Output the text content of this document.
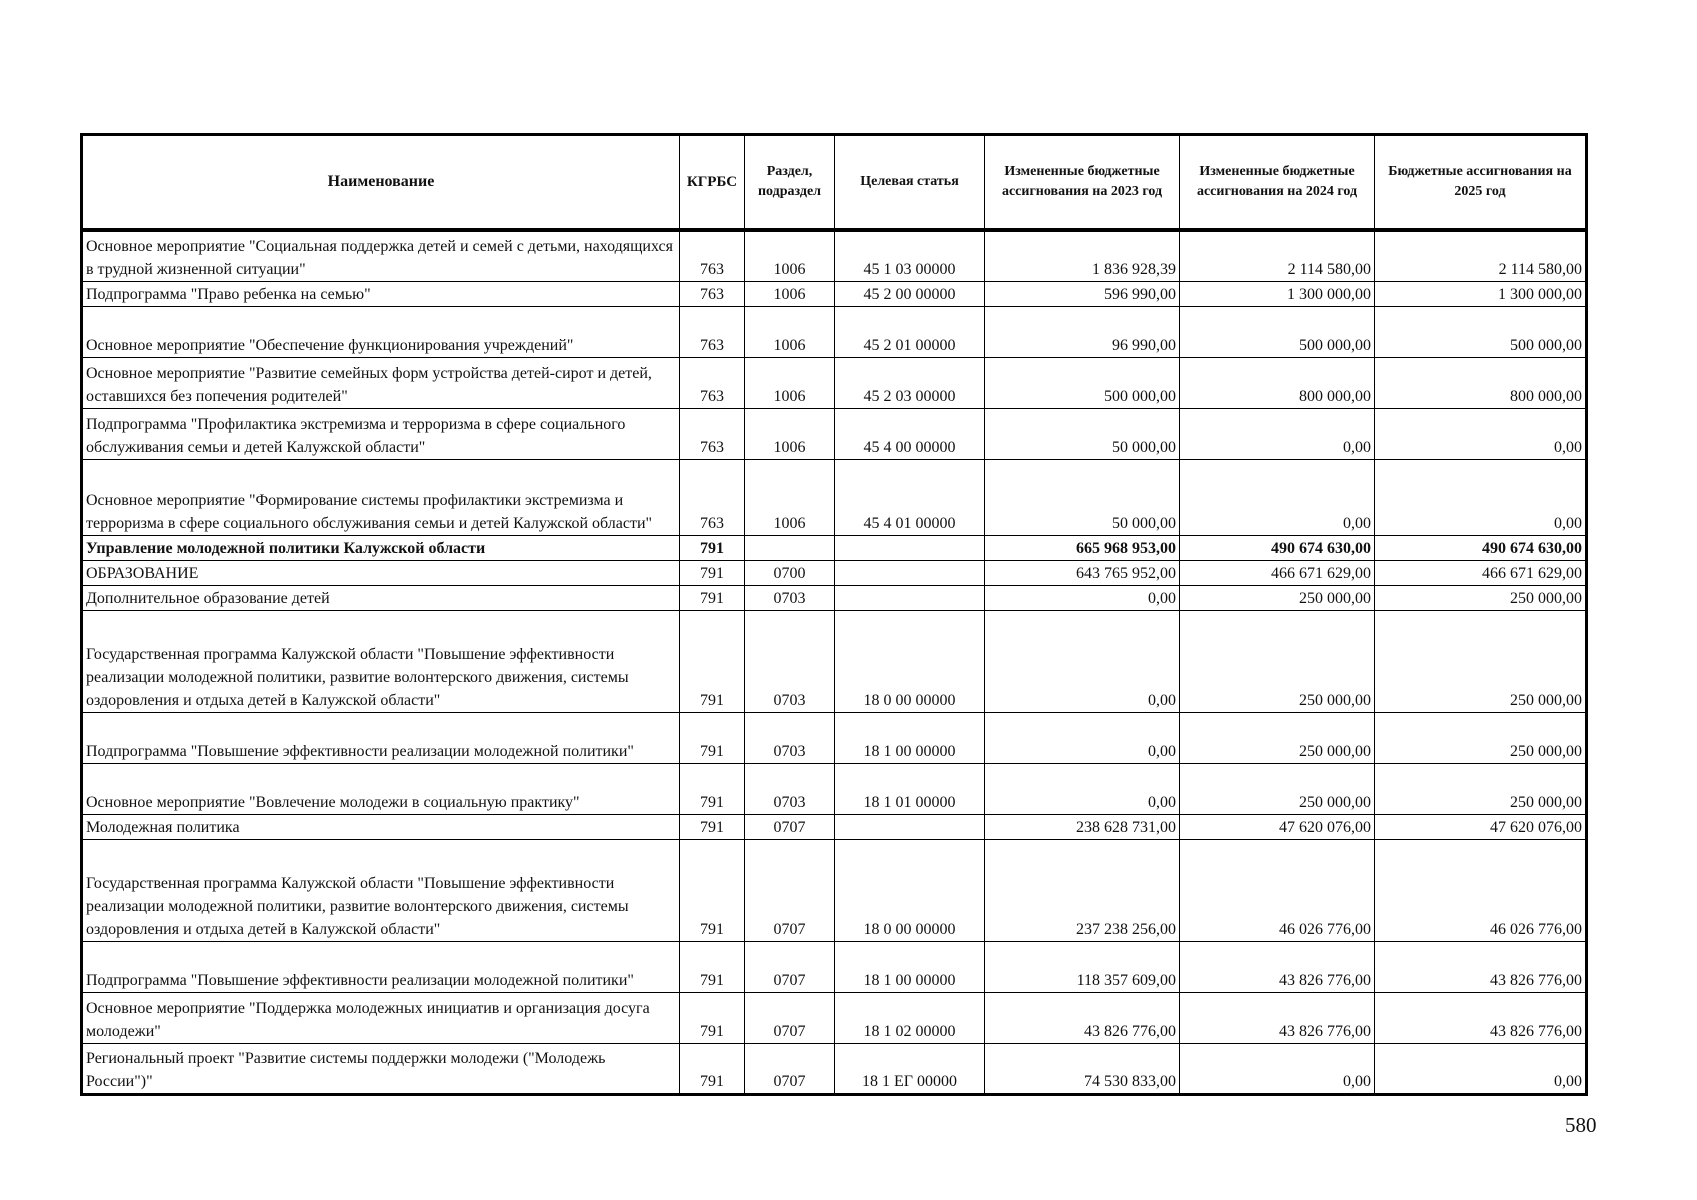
Наименование	КГРБС	Раздел, подраздел	Целевая статья	Измененные бюджетные ассигнования на 2023 год	Измененные бюджетные ассигнования на 2024 год	Бюджетные ассигнования на 2025 год
Основное мероприятие "Социальная поддержка детей и семей с детьми, находящихся в трудной жизненной ситуации"	763	1006	45 1 03 00000	1 836 928,39	2 114 580,00	2 114 580,00
Подпрограмма "Право ребенка на семью"	763	1006	45 2 00 00000	596 990,00	1 300 000,00	1 300 000,00
Основное мероприятие "Обеспечение функционирования учреждений"	763	1006	45 2 01 00000	96 990,00	500 000,00	500 000,00
Основное мероприятие "Развитие семейных форм устройства детей-сирот и детей, оставшихся без попечения родителей"	763	1006	45 2 03 00000	500 000,00	800 000,00	800 000,00
Подпрограмма "Профилактика экстремизма и терроризма в сфере социального обслуживания семьи и детей Калужской области"	763	1006	45 4 00 00000	50 000,00	0,00	0,00
Основное мероприятие "Формирование системы профилактики экстремизма и терроризма в сфере социального обслуживания семьи и детей Калужской области"	763	1006	45 4 01 00000	50 000,00	0,00	0,00
Управление молодежной политики Калужской области	791			665 968 953,00	490 674 630,00	490 674 630,00
ОБРАЗОВАНИЕ	791	0700		643 765 952,00	466 671 629,00	466 671 629,00
Дополнительное образование детей	791	0703		0,00	250 000,00	250 000,00
Государственная программа Калужской области "Повышение эффективности реализации молодежной политики, развитие волонтерского движения, системы оздоровления и отдыха детей в Калужской области"	791	0703	18 0 00 00000	0,00	250 000,00	250 000,00
Подпрограмма "Повышение эффективности реализации молодежной политики"	791	0703	18 1 00 00000	0,00	250 000,00	250 000,00
Основное мероприятие "Вовлечение молодежи в социальную практику"	791	0703	18 1 01 00000	0,00	250 000,00	250 000,00
Молодежная политика	791	0707		238 628 731,00	47 620 076,00	47 620 076,00
Государственная программа Калужской области "Повышение эффективности реализации молодежной политики, развитие волонтерского движения, системы оздоровления и отдыха детей в Калужской области"	791	0707	18 0 00 00000	237 238 256,00	46 026 776,00	46 026 776,00
Подпрограмма "Повышение эффективности реализации молодежной политики"	791	0707	18 1 00 00000	118 357 609,00	43 826 776,00	43 826 776,00
Основное мероприятие "Поддержка молодежных инициатив и организация досуга молодежи"	791	0707	18 1 02 00000	43 826 776,00	43 826 776,00	43 826 776,00
Региональный проект "Развитие системы поддержки молодежи ("Молодежь России")"	791	0707	18 1 ЕГ 00000	74 530 833,00	0,00	0,00
580
